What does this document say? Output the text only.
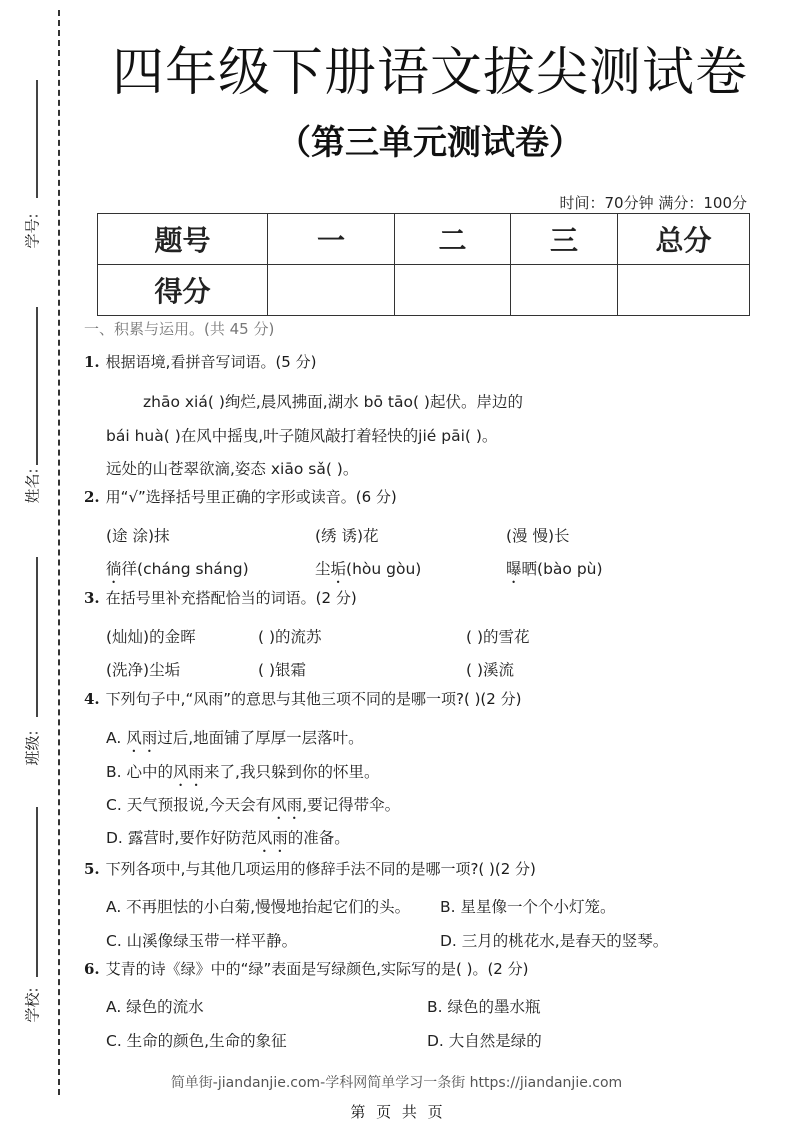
学号:
姓名:
班级:
学校:
四年级下册语文拔尖测试卷
（第三单元测试卷）
时间：70分钟 满分：100分
题号	一	二	三	总分
得分				
一、积累与运用。(共 45 分)
1. 根据语境,看拼音写词语。(5 分)
zhāo xiá( )绚烂,晨风拂面,湖水 bō tāo( )起伏。岸边的
bái huà( )在风中摇曳,叶子随风敲打着轻快的jié pāi( )。
远处的山苍翠欲滴,姿态 xiāo sǎ( )。
2. 用“√”选择括号里正确的字形或读音。(6 分)
(途 涂)抹	(绣 诱)花	(漫 慢)长
徜徉(cháng sháng)	尘垢(hòu gòu)	曝晒(bào pù)
3. 在括号里补充搭配恰当的词语。(2 分)
(灿灿)的金晖	( )的流苏	( )的雪花
(洗净)尘垢	( )银霜	( )溪流
4. 下列句子中,“风雨”的意思与其他三项不同的是哪一项?( )(2 分)
A. 风雨过后,地面铺了厚厚一层落叶。
B. 心中的风雨来了,我只躲到你的怀里。
C. 天气预报说,今天会有风雨,要记得带伞。
D. 露营时,要作好防范风雨的准备。
5. 下列各项中,与其他几项运用的修辞手法不同的是哪一项?( )(2 分)
A. 不再胆怯的小白菊,慢慢地抬起它们的头。 B. 星星像一个个小灯笼。
C. 山溪像绿玉带一样平静。	D. 三月的桃花水,是春天的竖琴。
6. 艾青的诗《绿》中的“绿”表面是写绿颜色,实际写的是( )。(2 分)
A. 绿色的流水	B. 绿色的墨水瓶
C. 生命的颜色,生命的象征	D. 大自然是绿的
简单街-jiandanjie.com-学科网简单学习一条街 https://jiandanjie.com
第 页 共 页
